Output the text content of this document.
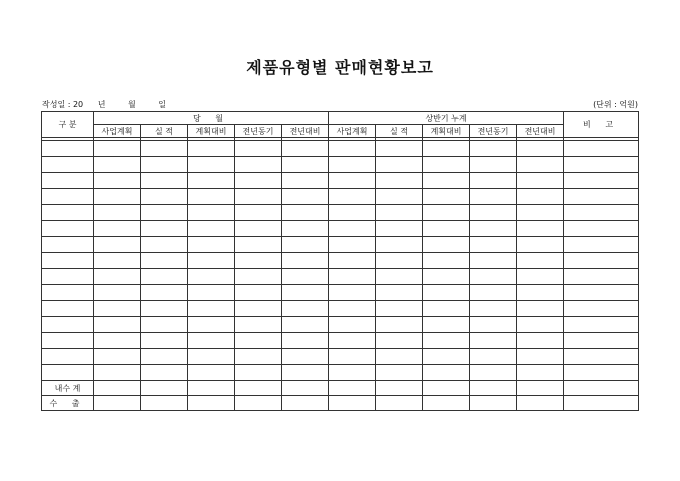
제품유형별 판매현황보고
작성일 : 20 년	월	일	(단위 : 억원)
구 분	당 월					상반기 누계					비 고
	사업계획	실 적	계획대비	전년동기	전년대비	사업계획	실 적	계획대비	전년동기	전년대비	

내수 계											
수 출											
